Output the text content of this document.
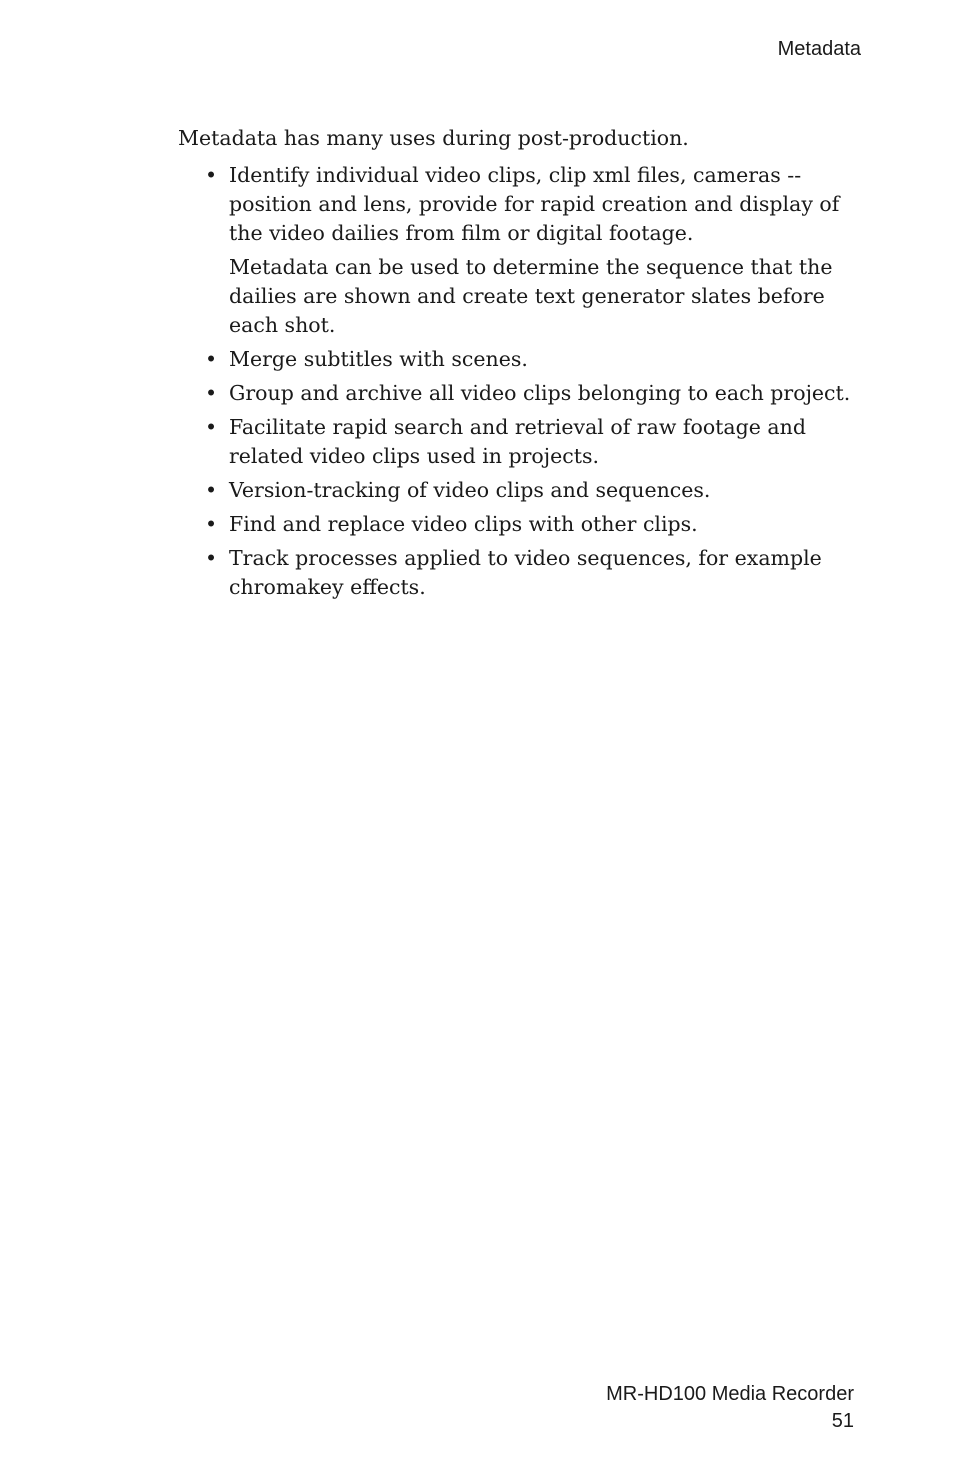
Metadata

Metadata has many uses during post-production.

• Identify individual video clips, clip xml files, cameras -- position and lens, provide for rapid creation and display of the video dailies from film or digital footage.
Metadata can be used to determine the sequence that the dailies are shown and create text generator slates before each shot.
• Merge subtitles with scenes.
• Group and archive all video clips belonging to each project.
• Facilitate rapid search and retrieval of raw footage and related video clips used in projects.
• Version-tracking of video clips and sequences.
• Find and replace video clips with other clips.
• Track processes applied to video sequences, for example chromakey effects.
MR-HD100 Media Recorder
51
